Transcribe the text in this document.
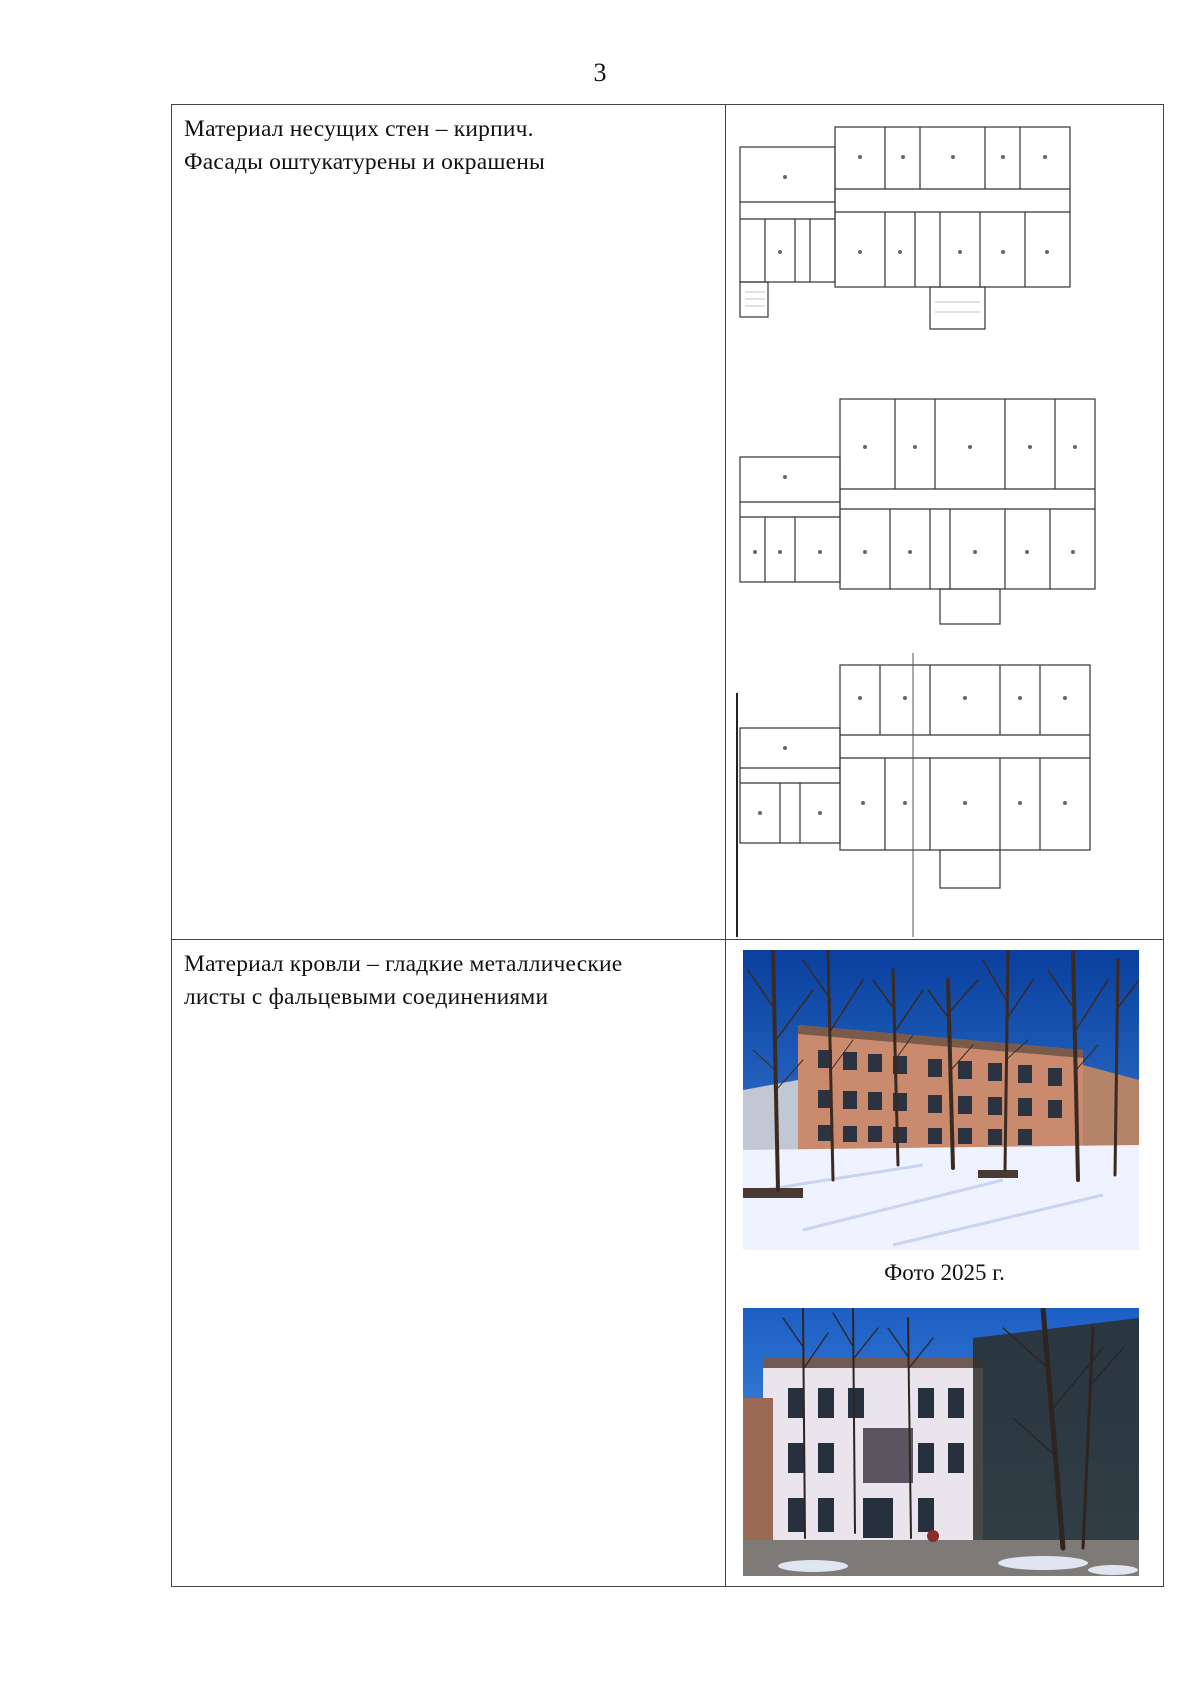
3
Материал несущих стен – кирпич.
Фасады оштукатурены и окрашены

Материал кровли – гладкие металлические
листы с фальцевыми соединениями	Фото 2025 г.
